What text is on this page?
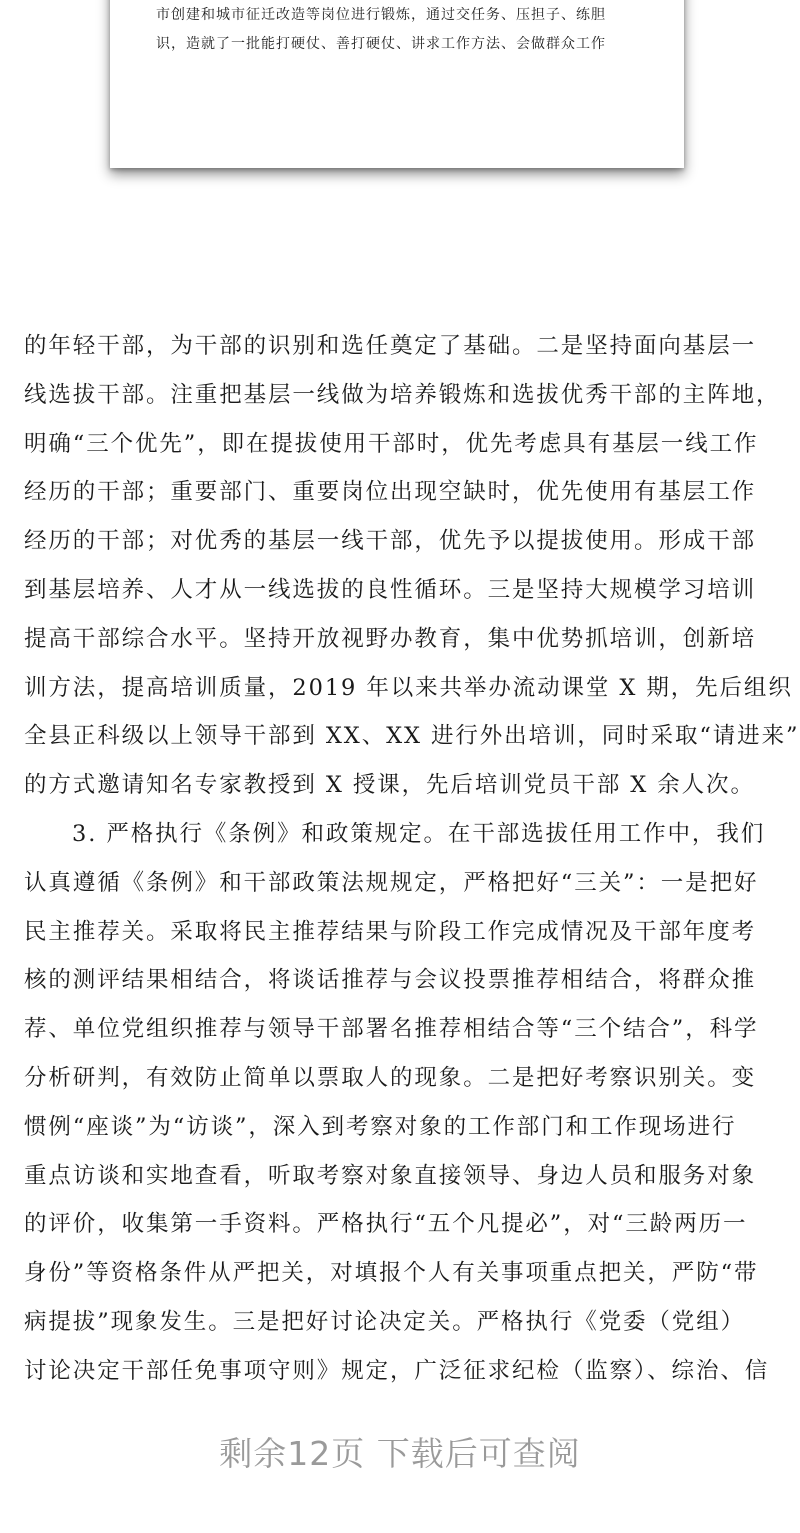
市创建和城市征迁改造等岗位进行锻炼，通过交任务、压担子、练胆
识，造就了一批能打硬仗、善打硬仗、讲求工作方法、会做群众工作
的年轻干部，为干部的识别和选任奠定了基础。二是坚持面向基层一
线选拔干部。注重把基层一线做为培养锻炼和选拔优秀干部的主阵地，
明确“三个优先”，即在提拔使用干部时，优先考虑具有基层一线工作
经历的干部；重要部门、重要岗位出现空缺时，优先使用有基层工作
经历的干部；对优秀的基层一线干部，优先予以提拔使用。形成干部
到基层培养、人才从一线选拔的良性循环。三是坚持大规模学习培训
提高干部综合水平。坚持开放视野办教育，集中优势抓培训，创新培
训方法，提高培训质量，2019 年以来共举办流动课堂 X 期，先后组织
全县正科级以上领导干部到 XX、XX 进行外出培训，同时采取“请进来”
的方式邀请知名专家教授到 X 授课，先后培训党员干部 X 余人次。
3. 严格执行《条例》和政策规定。在干部选拔任用工作中，我们
认真遵循《条例》和干部政策法规规定，严格把好“三关”：一是把好
民主推荐关。采取将民主推荐结果与阶段工作完成情况及干部年度考
核的测评结果相结合，将谈话推荐与会议投票推荐相结合，将群众推
荐、单位党组织推荐与领导干部署名推荐相结合等“三个结合”，科学
分析研判，有效防止简单以票取人的现象。二是把好考察识别关。变
惯例“座谈”为“访谈”，深入到考察对象的工作部门和工作现场进行
重点访谈和实地查看，听取考察对象直接领导、身边人员和服务对象
的评价，收集第一手资料。严格执行“五个凡提必”，对“三龄两历一
身份”等资格条件从严把关，对填报个人有关事项重点把关，严防“带
病提拔”现象发生。三是把好讨论决定关。严格执行《党委（党组）
讨论决定干部任免事项守则》规定，广泛征求纪检（监察）、综治、信
剩余12页 下载后可查阅
